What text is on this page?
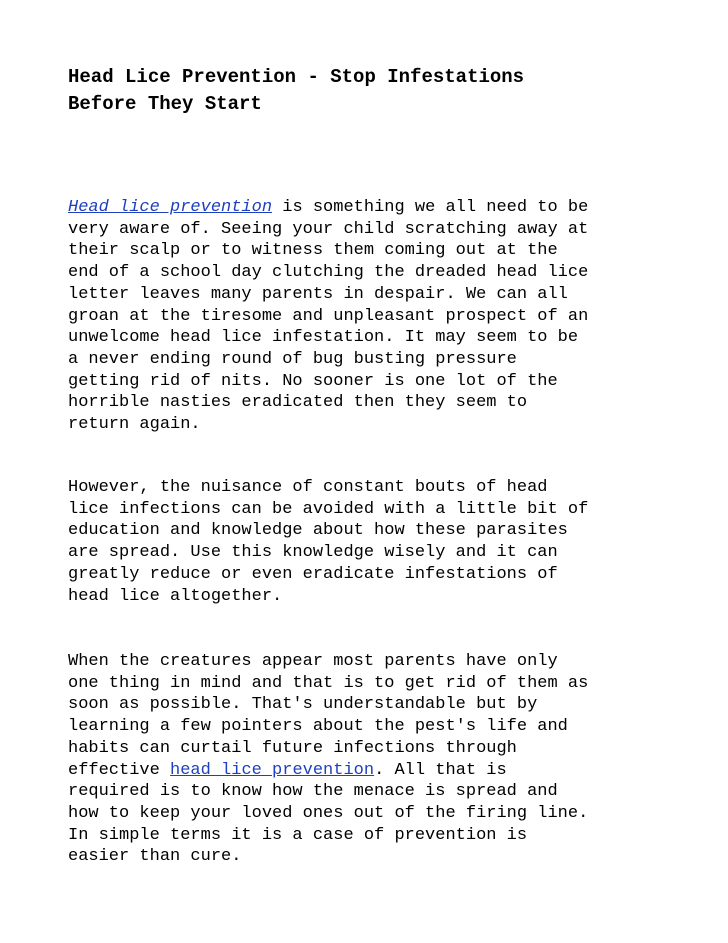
Head Lice Prevention - Stop Infestations
Before They Start
Head lice prevention is something we all need to be
very aware of. Seeing your child scratching away at
their scalp or to witness them coming out at the
end of a school day clutching the dreaded head lice
letter leaves many parents in despair. We can all
groan at the tiresome and unpleasant prospect of an
unwelcome head lice infestation. It may seem to be
a never ending round of bug busting pressure
getting rid of nits. No sooner is one lot of the
horrible nasties eradicated then they seem to
return again.
However, the nuisance of constant bouts of head
lice infections can be avoided with a little bit of
education and knowledge about how these parasites
are spread. Use this knowledge wisely and it can
greatly reduce or even eradicate infestations of
head lice altogether.
When the creatures appear most parents have only
one thing in mind and that is to get rid of them as
soon as possible. That's understandable but by
learning a few pointers about the pest's life and
habits can curtail future infections through
effective head lice prevention. All that is
required is to know how the menace is spread and
how to keep your loved ones out of the firing line.
In simple terms it is a case of prevention is
easier than cure.
